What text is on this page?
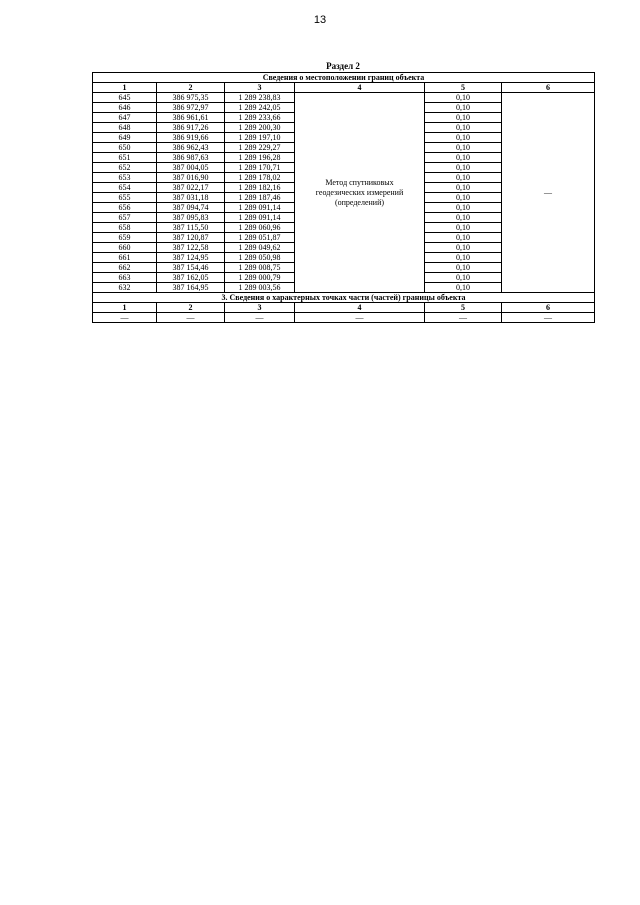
13
Раздел 2
Сведения о местоположении границ объекта					
1	2	3	4	5	6
645	386 975,35	1 289 238,83	Метод спутниковых геодезических измерений (определений)	0,10	—
646	386 972,97	1 289 242,05		0,10	
647	386 961,61	1 289 233,66		0,10	
648	386 917,26	1 289 200,30		0,10	
649	386 919,66	1 289 197,10		0,10	
650	386 962,43	1 289 229,27		0,10	
651	386 987,63	1 289 196,28		0,10	
652	387 004,05	1 289 170,71		0,10	
653	387 016,90	1 289 178,02		0,10	
654	387 022,17	1 289 182,16		0,10	
655	387 031,18	1 289 187,46		0,10	
656	387 094,74	1 289 091,14		0,10	
657	387 095,83	1 289 091,14		0,10	
658	387 115,50	1 289 060,96		0,10	
659	387 120,87	1 289 051,87		0,10	
660	387 122,58	1 289 049,62		0,10	
661	387 124,95	1 289 050,98		0,10	
662	387 154,46	1 289 008,75		0,10	
663	387 162,05	1 289 000,79		0,10	
632	387 164,95	1 289 003,56		0,10	
3. Сведения о характерных точках части (частей) границы объекта					
1	2	3	4	5	6
—	—	—	—	—	—
